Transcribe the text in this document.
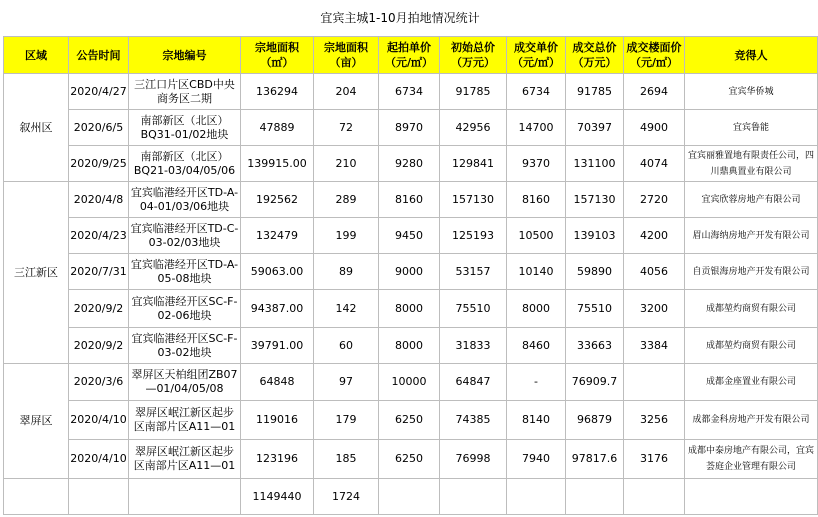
宜宾主城1-10月拍地情况统计
区域	公告时间	宗地编号	宗地面积（㎡）	宗地面积（亩）	起拍单价（元/㎡）	初始总价（万元）	成交单价（元/㎡）	成交总价（万元）	成交楼面价（元/㎡）	竞得人
叙州区	2020/4/27	三江口片区CBD中央商务区二期	136294	204	6734	91785	6734	91785	2694	宜宾华侨城
	2020/6/5	南部新区（北区）BQ31-01/02地块	47889	72	8970	42956	14700	70397	4900	宜宾鲁能
	2020/9/25	南部新区（北区）BQ21-03/04/05/06	139915.00	210	9280	129841	9370	131100	4074	宜宾丽雅置地有限责任公司，四川鼎典置业有限公司
三江新区	2020/4/8	宜宾临港经开区TD-A-04-01/03/06地块	192562	289	8160	157130	8160	157130	2720	宜宾欣蓉房地产有限公司
	2020/4/23	宜宾临港经开区TD-C-03-02/03地块	132479	199	9450	125193	10500	139103	4200	眉山海纳房地产开发有限公司
	2020/7/31	宜宾临港经开区TD-A-05-08地块	59063.00	89	9000	53157	10140	59890	4056	自贡银海房地产开发有限公司
	2020/9/2	宜宾临港经开区SC-F-02-06地块	94387.00	142	8000	75510	8000	75510	3200	成都堃灼商贸有限公司
	2020/9/2	宜宾临港经开区SC-F-03-02地块	39791.00	60	8000	31833	8460	33663	3384	成都堃灼商贸有限公司
翠屏区	2020/3/6	翠屏区天柏组团ZB07—01/04/05/08	64848	97	10000	64847	-	76909.7		成都金座置业有限公司
	2020/4/10	翠屏区岷江新区起步区南部片区A11—01	119016	179	6250	74385	8140	96879	3256	成都金科房地产开发有限公司
	2020/4/10	翠屏区岷江新区起步区南部片区A11—01	123196	185	6250	76998	7940	97817.6	3176	成都中泰房地产有限公司，宜宾荟庭企业管理有限公司
			1149440	1724						
